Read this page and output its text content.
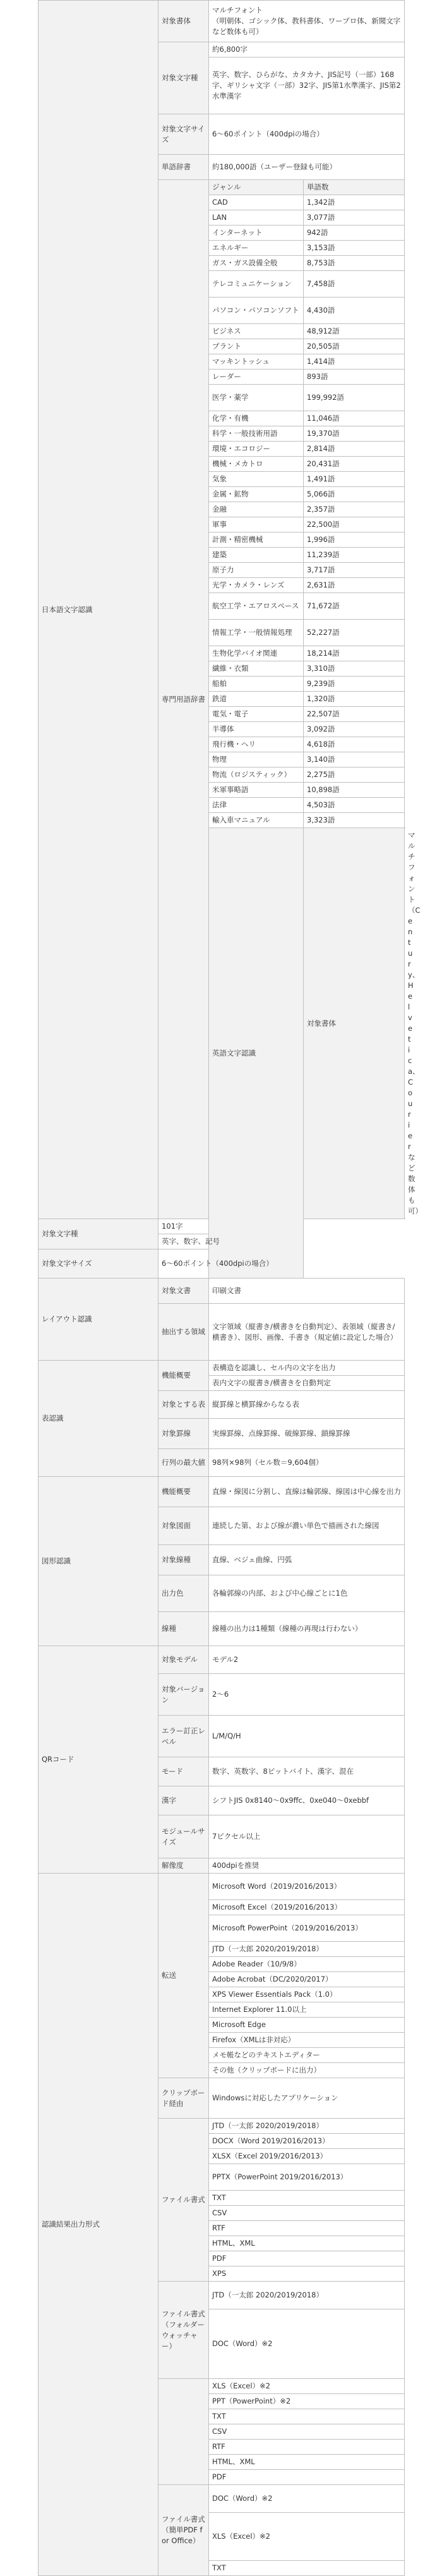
日本語文字認識	対象書体	マルチフォント
（明朝体、ゴシック体、教科書体、ワープロ体、新聞文字など数体も可）		
	対象文字種	約6,800字		
		英字、数字、ひらがな、カタカナ、JIS記号（一部）168字、ギリシャ文字（一部）32字、JIS第1水準漢字、JIS第2水準漢字		
	対象文字サイズ	6～60ポイント（400dpiの場合）		
	単語辞書	約180,000語（ユーザー登録も可能）		
	専門用語辞書	ジャンル	単語数	
		CAD	1,342語	
		LAN	3,077語	
		インターネット	942語	
		エネルギー	3,153語	
		ガス・ガス設備全般	8,753語	
		テレコミュニケーション	7,458語	
		パソコン・パソコンソフト	4,430語	
		ビジネス	48,912語	
		プラント	20,505語	
		マッキントッシュ	1,414語	
		レーダー	893語	
		医学・薬学	199,992語	
		化学・有機	11,046語	
		科学・一般技術用語	19,370語	
		環境・エコロジー	2,814語	
		機械・メカトロ	20,431語	
		気象	1,491語	
		金属・鉱物	5,066語	
		金融	2,357語	
		軍事	22,500語	
		計測・精密機械	1,996語	
		建築	11,239語	
		原子力	3,717語	
		光学・カメラ・レンズ	2,631語	
		航空工学・エアロスペース	71,672語	
		情報工学・一般情報処理	52,227語	
		生物化学バイオ関連	18,214語	
		繊維・衣類	3,310語	
		船舶	9,239語	
		鉄道	1,320語	
		電気・電子	22,507語	
		半導体	3,092語	
		飛行機・ヘリ	4,618語	
		物理	3,140語	
		物流（ロジスティック）	2,275語	
		米軍事略語	10,898語	
		法律	4,503語	
		輸入車マニュアル	3,323語	
		英語文字認識	対象書体	マルチフォント
（Century、Helvetica、Courierなど数体も可）
対象文字種	101字			
	英字、数字、記号			
対象文字サイズ	6～60ポイント（400dpiの場合）			
レイアウト認識	対象文書	印刷文書		
	抽出する領域	文字領域（縦書き/横書きを自動判定）、表領域（縦書き/横書き）、図形、画像、手書き（規定値に設定した場合）		
表認識	機能概要	表構造を認識し、セル内の文字を出力		
		表内文字の縦書き/横書きを自動判定		
	対象とする表	縦罫線と横罫線からなる表		
	対象罫線	実線罫線、点線罫線、破線罫線、鎖線罫線		
	行列の最大値	98列×98列（セル数＝9,604個）		
図形認識	機能概要	直線・線図に分割し、直線は輪郭線、線図は中心線を出力		
	対象図面	連続した第、および線が濃い単色で描画された線図		
	対象線種	直線、ベジェ曲線、円弧		
	出力色	各輪郭線の内部、および中心線ごとに1色		
	線種	線種の出力は1種類（線種の再現は行わない）		
QRコード	対象モデル	モデル2		
	対象バージョン	2～6		
	エラー訂正レベル	L/M/Q/H		
	モード	数字、英数字、8ビットバイト、漢字、混在		
	漢字	シフトJIS 0x8140～0x9ffc、0xe040～0xebbf		
	モジュールサイズ	7ピクセル以上		
	解像度	400dpiを推奨		
認識結果出力形式	転送	Microsoft Word（2019/2016/2013）		
		Microsoft Excel（2019/2016/2013）		
		Microsoft PowerPoint（2019/2016/2013）		
		JTD（一太郎 2020/2019/2018）		
		Adobe Reader（10/9/8）		
		Adobe Acrobat（DC/2020/2017）		
		XPS Viewer Essentials Pack（1.0）		
		Internet Explorer 11.0以上		
		Microsoft Edge		
		Firefox（XMLは非対応）		
		メモ帳などのテキストエディター		
		その他（クリップボードに出力）		
	クリップボード経由	Windowsに対応したアプリケーション		
	ファイル書式	JTD（一太郎 2020/2019/2018）		
		DOCX（Word 2019/2016/2013）		
		XLSX（Excel 2019/2016/2013）		
		PPTX（PowerPoint 2019/2016/2013）		
		TXT		
		CSV		
		RTF		
		HTML、XML		
		PDF		
		XPS		
	ファイル書式（フォルダーウォッチャー）	JTD（一太郎 2020/2019/2018）		
		DOC（Word）※2		
		XLS（Excel）※2		
		PPT（PowerPoint）※2		
		TXT		
		CSV		
		RTF		
		HTML、XML		
		PDF		
	ファイル書式（簡単PDF for Office）	DOC（Word）※2		
		XLS（Excel）※2		
		TXT		
